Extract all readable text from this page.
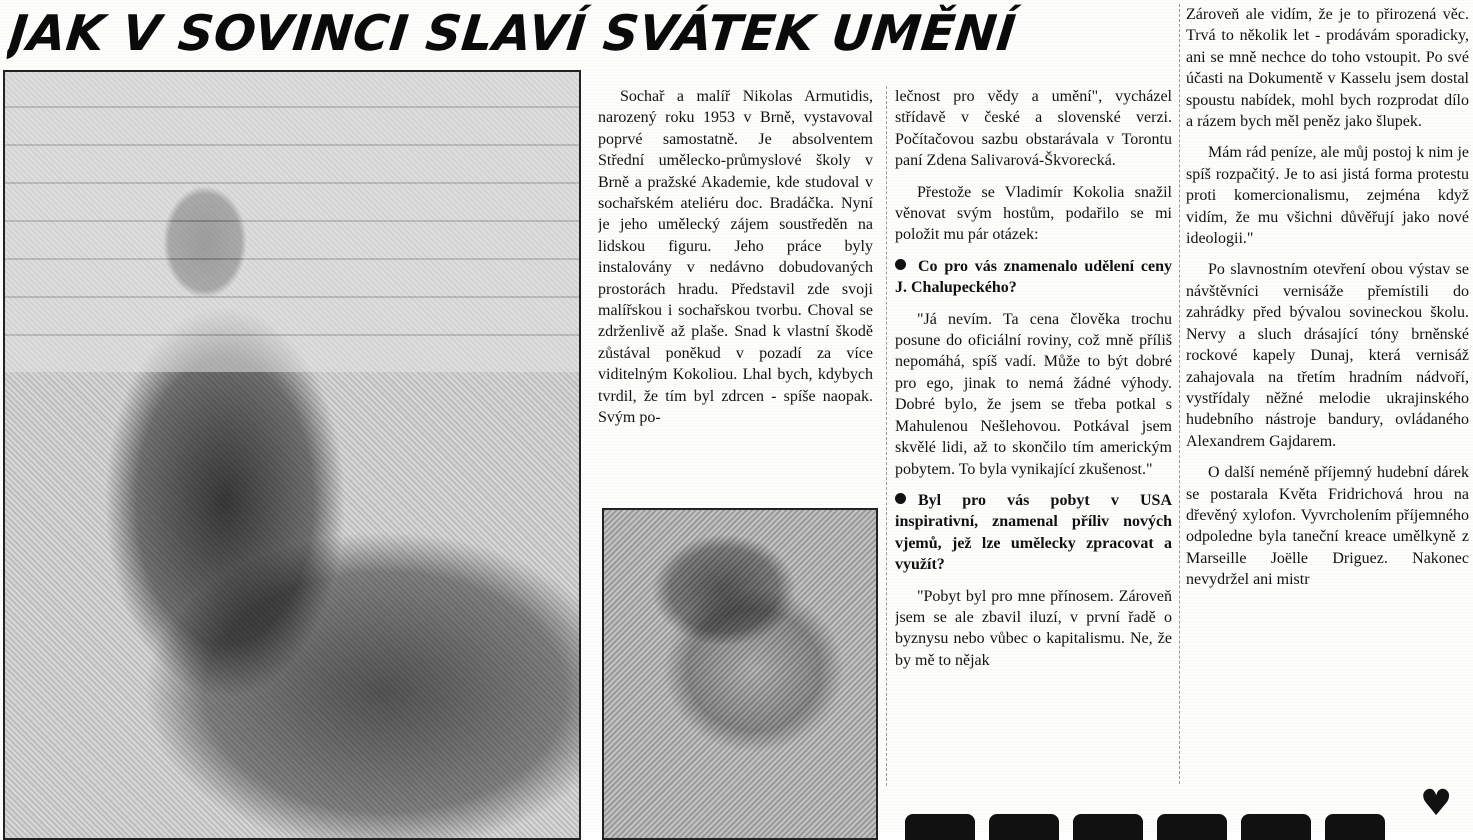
JAK V SOVINCI SLAVÍ SVÁTEK UMĚNÍ

Sochař a malíř Nikolas Armutidis, narozený roku 1953 v Brně, vystavoval poprvé samostatně. Je absolventem Střední umělecko-průmyslové školy v Brně a pražské Akademie, kde studoval v sochařském ateliéru doc. Bradáčka. Nyní je jeho umělecký zájem soustředěn na lidskou figuru. Jeho práce byly instalovány v nedávno dobudovaných prostorách hradu. Představil zde svoji malířskou i sochařskou tvorbu. Choval se zdrženlivě až plaše. Snad k vlastní škodě zůstával poněkud v pozadí za více viditelným Kokoliou. Lhal bych, kdybych tvrdil, že tím byl zdrcen - spíše naopak. Svým po-

lečnost pro vědy a umění", vycházel střídavě v české a slovenské verzi. Počítačovou sazbu obstarávala v Torontu paní Zdena Salivarová-Škvorecká.

Přestože se Vladimír Kokolia snažil věnovat svým hostům, podařilo se mi položit mu pár otázek:

Co pro vás znamenalo udělení ceny J. Chalupeckého?

"Já nevím. Ta cena člověka trochu posune do oficiální roviny, což mně příliš nepomáhá, spíš vadí. Může to být dobré pro ego, jinak to nemá žádné výhody. Dobré bylo, že jsem se třeba potkal s Mahulenou Nešlehovou. Potkával jsem skvělé lidi, až to skončilo tím americkým pobytem. To byla vynikající zkušenost."

Byl pro vás pobyt v USA inspirativní, znamenal příliv nových vjemů, jež lze umělecky zpracovat a využít?

"Pobyt byl pro mne přínosem. Zároveň jsem se ale zbavil iluzí, v první řadě o byznysu nebo vůbec o kapitalismu. Ne, že by mě to nějak

Zároveň ale vidím, že je to přirozená věc. Trvá to několik let - prodávám sporadicky, ani se mně nechce do toho vstoupit. Po své účasti na Dokumentě v Kasselu jsem dostal spoustu nabídek, mohl bych rozprodat dílo a rázem bych měl peněz jako šlupek.

Mám rád peníze, ale můj postoj k nim je spíš rozpačitý. Je to asi jistá forma protestu proti komercionalismu, zejména když vidím, že mu všichni důvěřují jako nové ideologii."

Po slavnostním otevření obou výstav se návštěvníci vernisáže přemístili do zahrádky před bývalou sovineckou školu. Nervy a sluch drásající tóny brněnské rockové kapely Dunaj, která vernisáž zahajovala na třetím hradním nádvoří, vystřídaly něžné melodie ukrajinského hudebního nástroje bandury, ovládaného Alexandrem Gajdarem.

O další neméně příjemný hudební dárek se postarala Květa Fridrichová hrou na dřevěný xylofon. Vyvrcholením příjemného odpoledne byla taneční kreace umělkyně z Marseille Joëlle Driguez. Nakonec nevydržel ani mistr

♥
